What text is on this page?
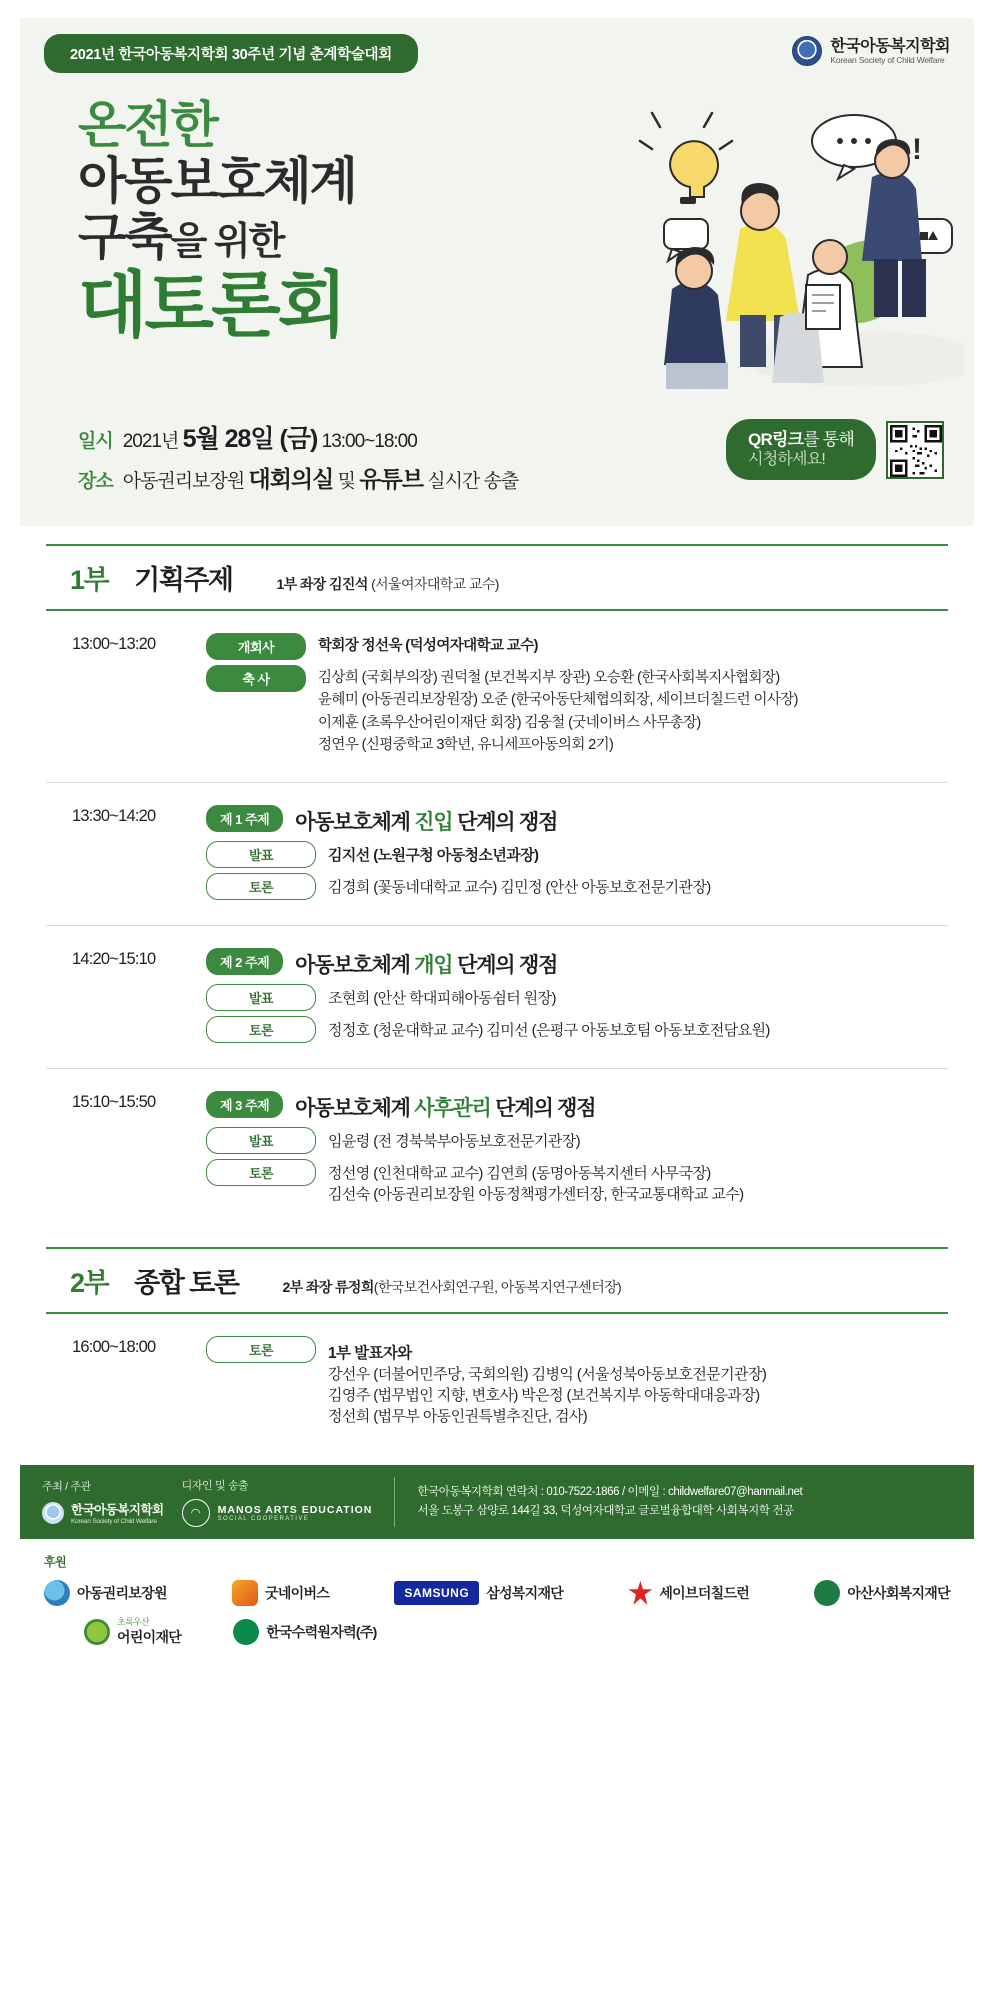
2021년 한국아동복지학회 30주년 기념 춘계학술대회	한국아동복지학회
Korean Society of Child Welfare
온전한
아동보호체계
구축을 위한
대토론회
!
일시 2021년 5월 28일 (금) 13:00~18:00
장소 아동권리보장원 대회의실 및 유튜브 실시간 송출
QR링크를 통해
시청하세요!
1부 기획주제	1부 좌장 김진석 (서울여자대학교 교수)
13:00~13:20	개회사	학회장 정선욱 (덕성여자대학교 교수)
축 사	김상희 (국회부의장) 권덕철 (보건복지부 장관) 오승환 (한국사회복지사협회장)
윤혜미 (아동권리보장원장) 오준 (한국아동단체협의회장, 세이브더칠드런 이사장)
이제훈 (초록우산어린이재단 회장) 김웅철 (굿네이버스 사무총장)
정연우 (신평중학교 3학년, 유니세프아동의회 2기)
13:30~14:20	제 1 주제	아동보호체계 진입 단계의 쟁점
발표	김지선 (노원구청 아동청소년과장)
토론	김경희 (꽃동네대학교 교수) 김민정 (안산 아동보호전문기관장)
14:20~15:10	제 2 주제	아동보호체계 개입 단계의 쟁점
발표	조현희 (안산 학대피해아동쉼터 원장)
토론	정정호 (청운대학교 교수) 김미선 (은평구 아동보호팀 아동보호전담요원)
15:10~15:50	제 3 주제	아동보호체계 사후관리 단계의 쟁점
발표	임윤령 (전 경북북부아동보호전문기관장)
토론	정선영 (인천대학교 교수) 김연희 (동명아동복지센터 사무국장)
김선숙 (아동권리보장원 아동정책평가센터장, 한국교통대학교 교수)
2부 종합 토론	2부 좌장 류정희(한국보건사회연구원, 아동복지연구센터장)
16:00~18:00	토론	1부 발표자와
강선우 (더불어민주당, 국회의원) 김병익 (서울성북아동보호전문기관장)
김영주 (법무법인 지향, 변호사) 박은정 (보건복지부 아동학대대응과장)
정선희 (법무부 아동인권특별추진단, 검사)
주최 / 주관
한국아동복지학회
Korean Society of Child Welfare
디자인 및 송출
◠	MANOS ARTS EDUCATION
SOCIAL COOPERATIVE
한국아동복지학회 연락처 : 010-7522-1866 / 이메일 : childwelfare07@hanmail.net
서울 도봉구 삼양로 144길 33, 덕성여자대학교 글로벌융합대학 사회복지학 전공
후원
아동권리보장원	굿네이버스	SAMSUNG	삼성복지재단	세이브더칠드런	아산사회복지재단
초록우산
어린이재단	한국수력원자력(주)
